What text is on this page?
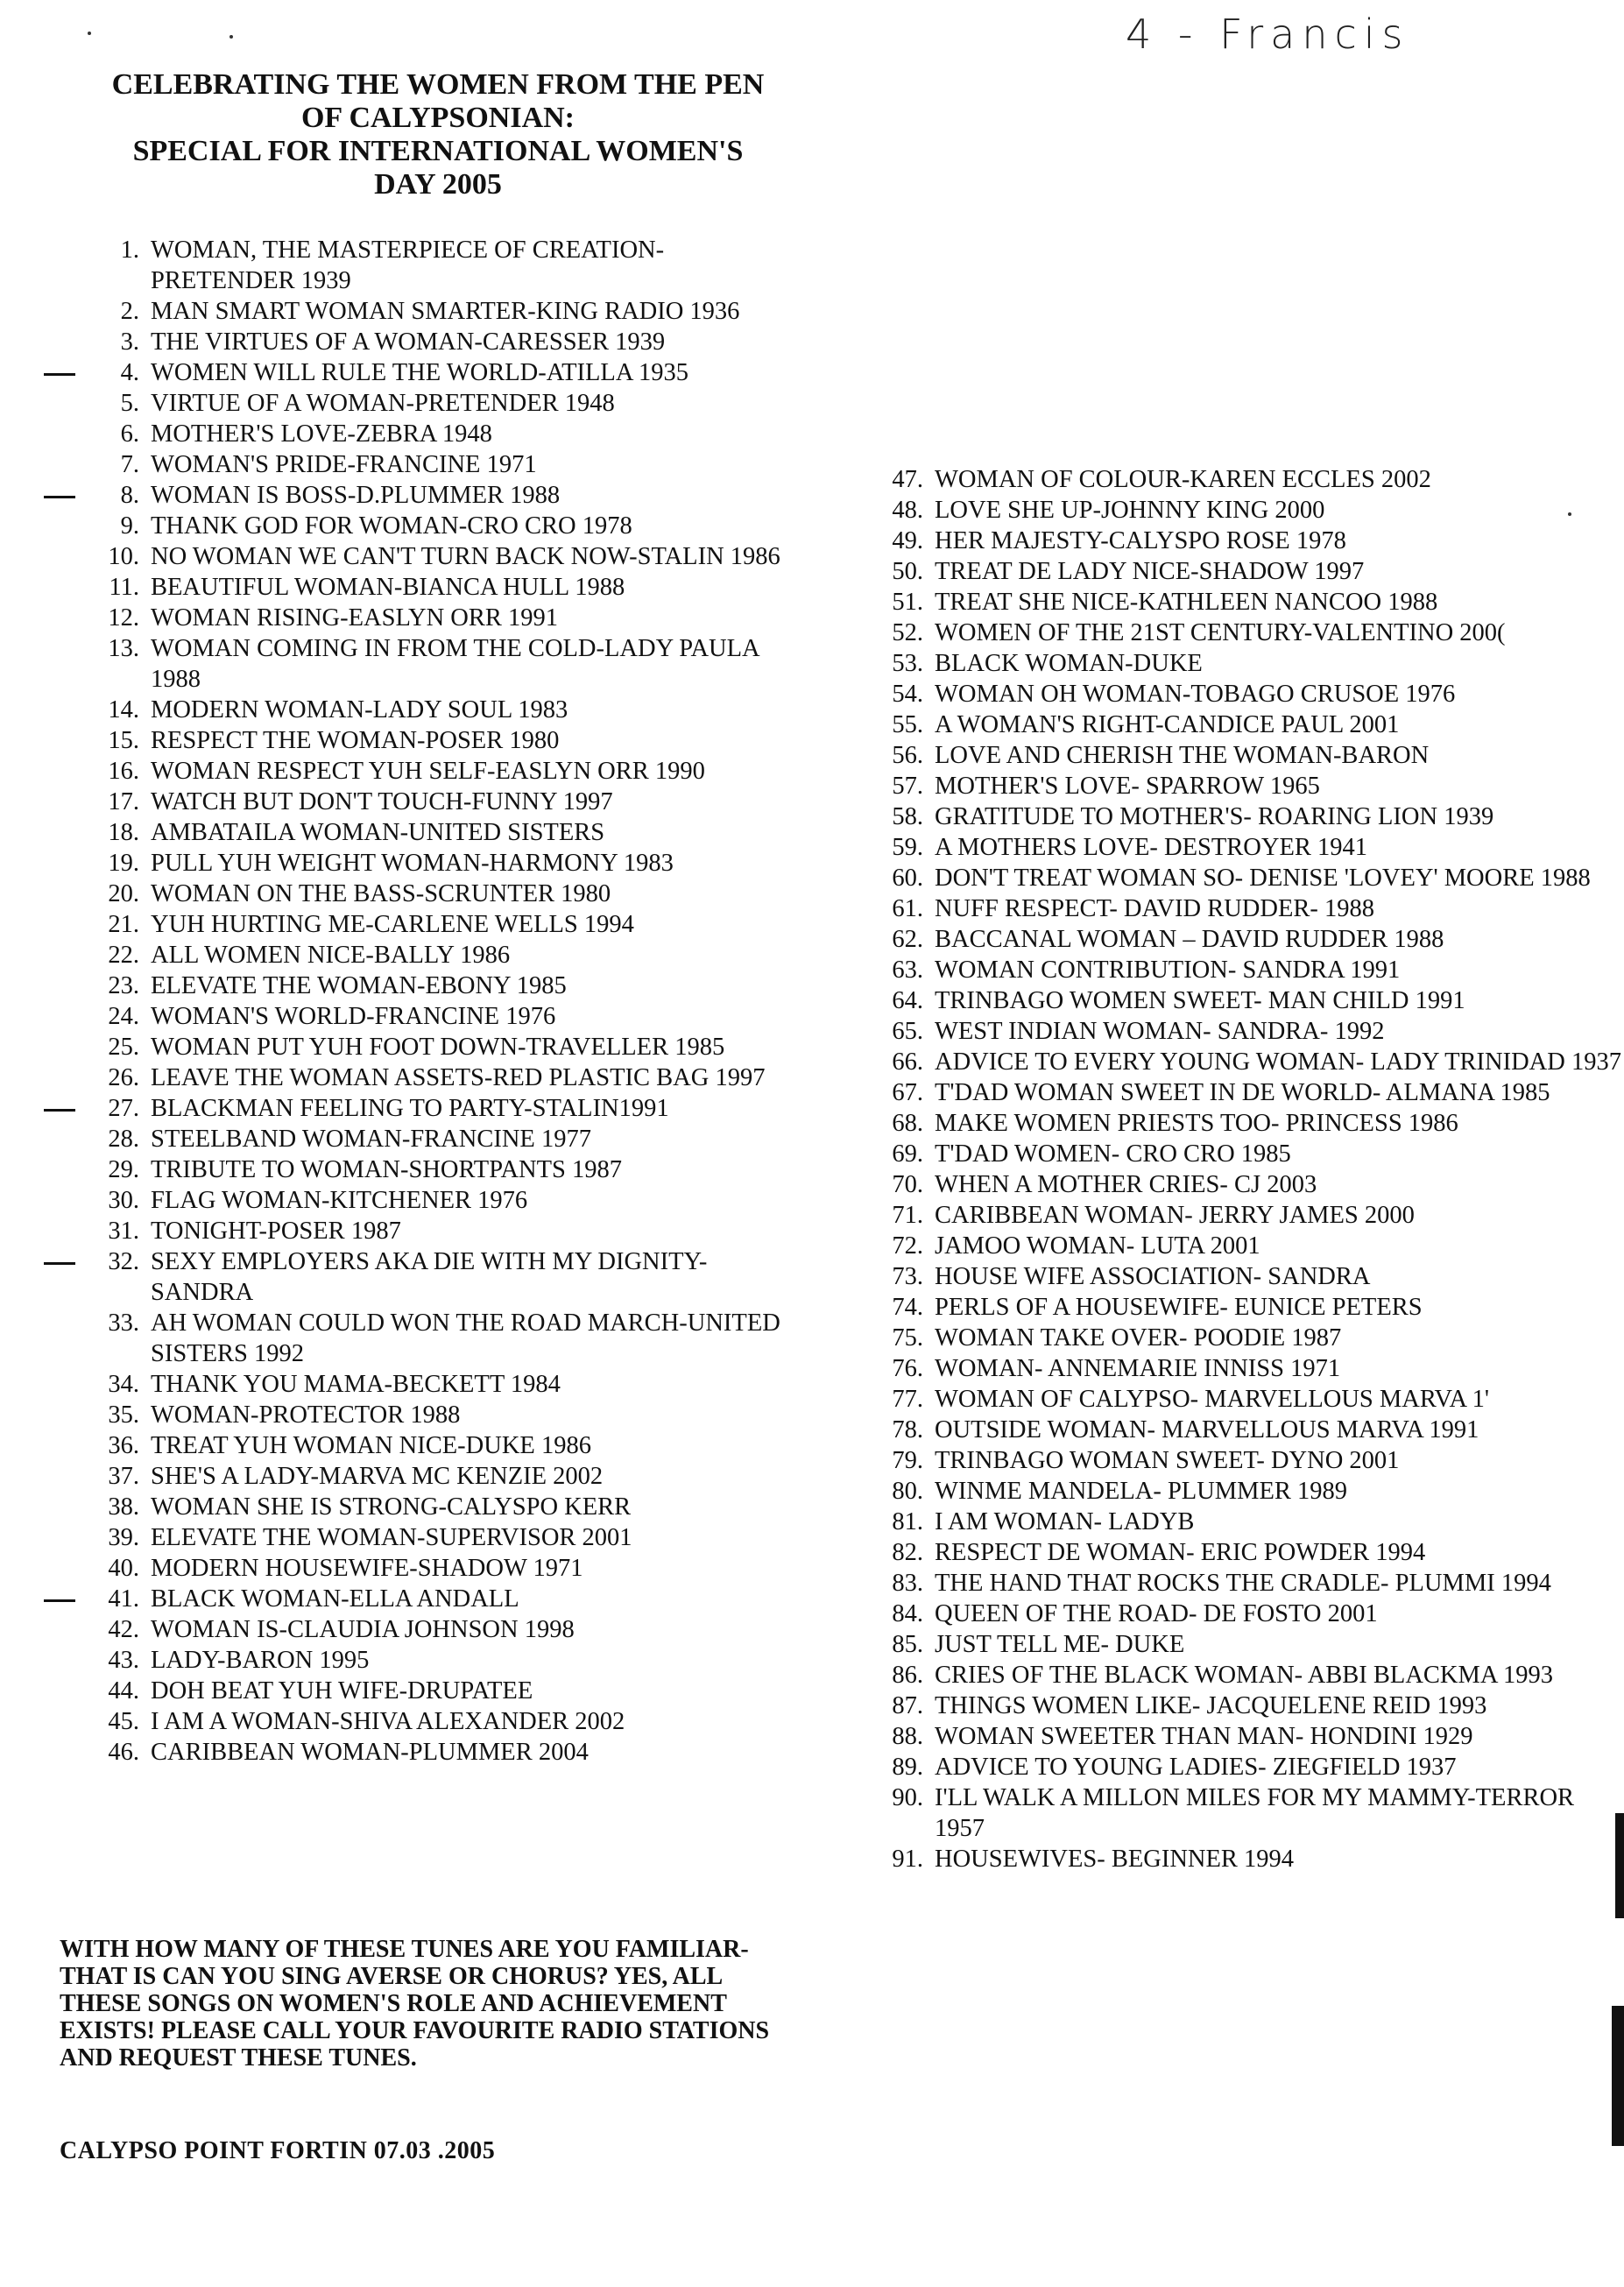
4 - Francis
CELEBRATING THE WOMEN FROM THE PEN
OF CALYPSONIAN:
SPECIAL FOR INTERNATIONAL WOMEN'S
DAY 2005
1. WOMAN, THE MASTERPIECE OF CREATION-PRETENDER 1939
2. MAN SMART WOMAN SMARTER-KING RADIO 1936
3. THE VIRTUES OF A WOMAN-CARESSER 1939
4. WOMEN WILL RULE THE WORLD-ATILLA 1935
5. VIRTUE OF A WOMAN-PRETENDER 1948
6. MOTHER'S LOVE-ZEBRA 1948
7. WOMAN'S PRIDE-FRANCINE 1971
8. WOMAN IS BOSS-D.PLUMMER 1988
9. THANK GOD FOR WOMAN-CRO CRO 1978
10. NO WOMAN WE CAN'T TURN BACK NOW-STALIN 1986
11. BEAUTIFUL WOMAN-BIANCA HULL 1988
12. WOMAN RISING-EASLYN ORR 1991
13. WOMAN COMING IN FROM THE COLD-LADY PAULA 1988
14. MODERN WOMAN-LADY SOUL 1983
15. RESPECT THE WOMAN-POSER 1980
16. WOMAN RESPECT YUH SELF-EASLYN ORR 1990
17. WATCH BUT DON'T TOUCH-FUNNY 1997
18. AMBATAILA WOMAN-UNITED SISTERS
19. PULL YUH WEIGHT WOMAN-HARMONY 1983
20. WOMAN ON THE BASS-SCRUNTER 1980
21. YUH HURTING ME-CARLENE WELLS 1994
22. ALL WOMEN NICE-BALLY 1986
23. ELEVATE THE WOMAN-EBONY 1985
24. WOMAN'S WORLD-FRANCINE 1976
25. WOMAN PUT YUH FOOT DOWN-TRAVELLER 1985
26. LEAVE THE WOMAN ASSETS-RED PLASTIC BAG 1997
27. BLACKMAN FEELING TO PARTY-STALIN1991
28. STEELBAND WOMAN-FRANCINE 1977
29. TRIBUTE TO WOMAN-SHORTPANTS 1987
30. FLAG WOMAN-KITCHENER 1976
31. TONIGHT-POSER 1987
32. SEXY EMPLOYERS AKA DIE WITH MY DIGNITY-SANDRA
33. AH WOMAN COULD WON THE ROAD MARCH-UNITED SISTERS 1992
34. THANK YOU MAMA-BECKETT 1984
35. WOMAN-PROTECTOR 1988
36. TREAT YUH WOMAN NICE-DUKE 1986
37. SHE'S A LADY-MARVA MC KENZIE 2002
38. WOMAN SHE IS STRONG-CALYSPO KERR
39. ELEVATE THE WOMAN-SUPERVISOR 2001
40. MODERN HOUSEWIFE-SHADOW 1971
41. BLACK WOMAN-ELLA ANDALL
42. WOMAN IS-CLAUDIA JOHNSON 1998
43. LADY-BARON 1995
44. DOH BEAT YUH WIFE-DRUPATEE
45. I AM A WOMAN-SHIVA ALEXANDER 2002
46. CARIBBEAN WOMAN-PLUMMER 2004
47. WOMAN OF COLOUR-KAREN ECCLES 2002
48. LOVE SHE UP-JOHNNY KING 2000
49. HER MAJESTY-CALYSPO ROSE 1978
50. TREAT DE LADY NICE-SHADOW 1997
51. TREAT SHE NICE-KATHLEEN NANCOO 1988
52. WOMEN OF THE 21ST CENTURY-VALENTINO 200(
53. BLACK WOMAN-DUKE
54. WOMAN OH WOMAN-TOBAGO CRUSOE 1976
55. A WOMAN'S RIGHT-CANDICE PAUL 2001
56. LOVE AND CHERISH THE WOMAN-BARON
57. MOTHER'S LOVE- SPARROW 1965
58. GRATITUDE TO MOTHER'S- ROARING LION 1939
59. A MOTHERS LOVE- DESTROYER 1941
60. DON'T TREAT WOMAN SO- DENISE 'LOVEY' MOORE 1988
61. NUFF RESPECT- DAVID RUDDER- 1988
62. BACCANAL WOMAN – DAVID RUDDER 1988
63. WOMAN CONTRIBUTION- SANDRA 1991
64. TRINBAGO WOMEN SWEET- MAN CHILD 1991
65. WEST INDIAN WOMAN- SANDRA- 1992
66. ADVICE TO EVERY YOUNG WOMAN- LADY TRINIDAD 1937
67. T'DAD WOMAN SWEET IN DE WORLD- ALMANA 1985
68. MAKE WOMEN PRIESTS TOO- PRINCESS 1986
69. T'DAD WOMEN- CRO CRO 1985
70. WHEN A MOTHER CRIES- CJ 2003
71. CARIBBEAN WOMAN- JERRY JAMES 2000
72. JAMOO WOMAN- LUTA 2001
73. HOUSE WIFE ASSOCIATION- SANDRA
74. PERLS OF A HOUSEWIFE- EUNICE PETERS
75. WOMAN TAKE OVER- POODIE 1987
76. WOMAN- ANNEMARIE INNISS 1971
77. WOMAN OF CALYPSO- MARVELLOUS MARVA 1'
78. OUTSIDE WOMAN- MARVELLOUS MARVA 1991
79. TRINBAGO WOMAN SWEET- DYNO 2001
80. WINME MANDELA- PLUMMER 1989
81. I AM WOMAN- LADYB
82. RESPECT DE WOMAN- ERIC POWDER 1994
83. THE HAND THAT ROCKS THE CRADLE- PLUMMI 1994
84. QUEEN OF THE ROAD- DE FOSTO 2001
85. JUST TELL ME- DUKE
86. CRIES OF THE BLACK WOMAN- ABBI BLACKMA 1993
87. THINGS WOMEN LIKE- JACQUELENE REID 1993
88. WOMAN SWEETER THAN MAN- HONDINI 1929
89. ADVICE TO YOUNG LADIES- ZIEGFIELD 1937
90. I'LL WALK A MILLON MILES FOR MY MAMMY-TERROR 1957
91. HOUSEWIVES- BEGINNER 1994
WITH HOW MANY OF THESE TUNES ARE YOU FAMILIAR-THAT IS CAN YOU SING AVERSE OR CHORUS? YES, ALL THESE SONGS ON WOMEN'S ROLE AND ACHIEVEMENT EXISTS! PLEASE CALL YOUR FAVOURITE RADIO STATIONS AND REQUEST THESE TUNES.
CALYPSO POINT FORTIN 07.03 .2005
